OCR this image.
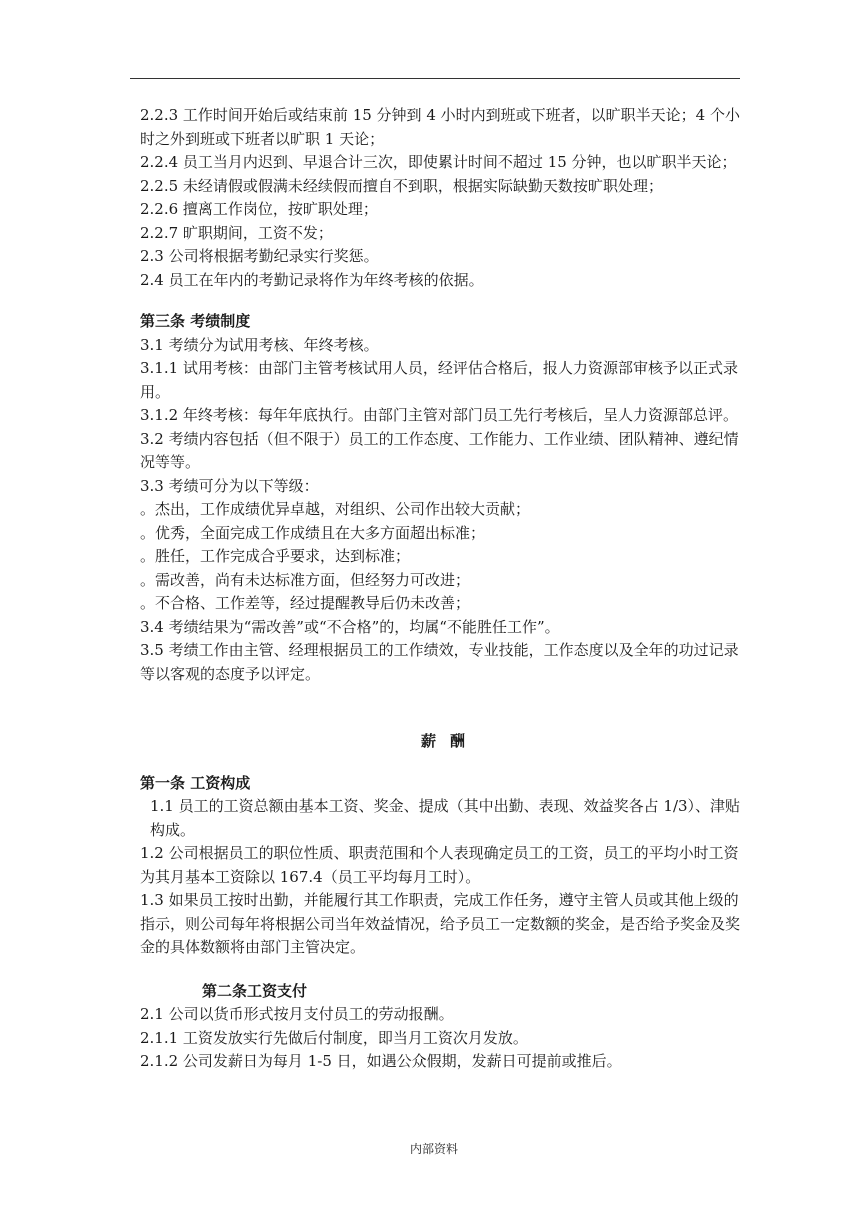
2.2.3 工作时间开始后或结束前 15 分钟到 4 小时内到班或下班者，以旷职半天论；4 个小时之外到班或下班者以旷职 1 天论；

2.2.4 员工当月内迟到、早退合计三次，即使累计时间不超过 15 分钟，也以旷职半天论；

2.2.5 未经请假或假满未经续假而擅自不到职，根据实际缺勤天数按旷职处理；

2.2.6 擅离工作岗位，按旷职处理；

2.2.7 旷职期间，工资不发；

2.3 公司将根据考勤纪录实行奖惩。

2.4 员工在年内的考勤记录将作为年终考核的依据。

第三条 考绩制度

3.1 考绩分为试用考核、年终考核。

3.1.1 试用考核：由部门主管考核试用人员，经评估合格后，报人力资源部审核予以正式录用。

3.1.2 年终考核：每年年底执行。由部门主管对部门员工先行考核后，呈人力资源部总评。

3.2 考绩内容包括（但不限于）员工的工作态度、工作能力、工作业绩、团队精神、遵纪情况等等。

3.3 考绩可分为以下等级：

。杰出，工作成绩优异卓越，对组织、公司作出较大贡献；

。优秀，全面完成工作成绩且在大多方面超出标准；

。胜任，工作完成合乎要求，达到标准；

。需改善，尚有未达标准方面，但经努力可改进；

。不合格、工作差等，经过提醒教导后仍未改善；

3.4 考绩结果为“需改善”或“不合格”的，均属“不能胜任工作”。

3.5 考绩工作由主管、经理根据员工的工作绩效，专业技能，工作态度以及全年的功过记录等以客观的态度予以评定。

薪酬

第一条 工资构成

1.1 员工的工资总额由基本工资、奖金、提成（其中出勤、表现、效益奖各占 1/3）、津贴构成。

1.2 公司根据员工的职位性质、职责范围和个人表现确定员工的工资，员工的平均小时工资为其月基本工资除以 167.4（员工平均每月工时）。

1.3 如果员工按时出勤，并能履行其工作职责，完成工作任务，遵守主管人员或其他上级的指示，则公司每年将根据公司当年效益情况，给予员工一定数额的奖金，是否给予奖金及奖金的具体数额将由部门主管决定。

第二条工资支付

2.1 公司以货币形式按月支付员工的劳动报酬。

2.1.1 工资发放实行先做后付制度，即当月工资次月发放。

2.1.2 公司发薪日为每月 1-5 日，如遇公众假期，发薪日可提前或推后。

内部资料
